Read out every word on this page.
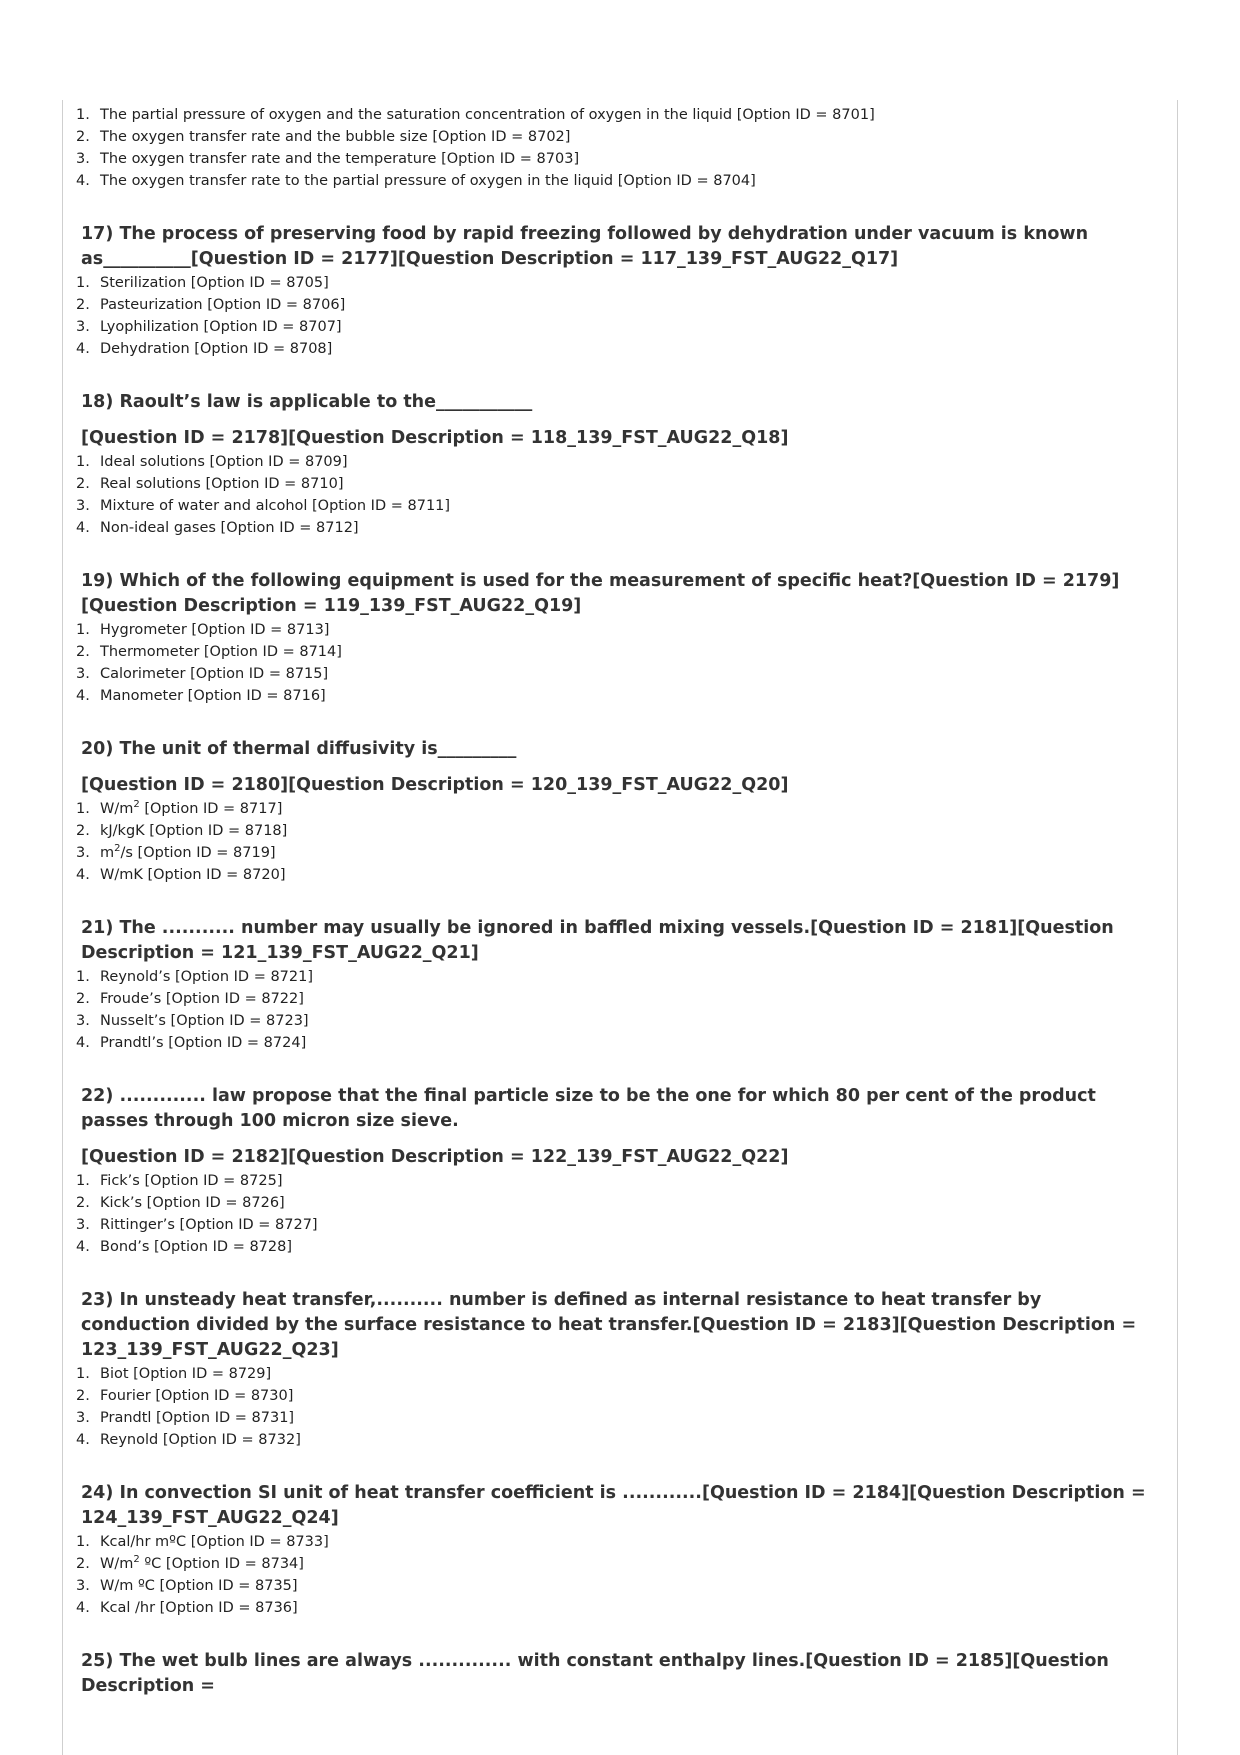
1. The partial pressure of oxygen and the saturation concentration of oxygen in the liquid [Option ID = 8701]
2. The oxygen transfer rate and the bubble size [Option ID = 8702]
3. The oxygen transfer rate and the temperature [Option ID = 8703]
4. The oxygen transfer rate to the partial pressure of oxygen in the liquid [Option ID = 8704]

17) The process of preserving food by rapid freezing followed by dehydration under vacuum is known as__________[Question ID = 2177][Question Description = 117_139_FST_AUG22_Q17]

1. Sterilization [Option ID = 8705]
2. Pasteurization [Option ID = 8706]
3. Lyophilization [Option ID = 8707]
4. Dehydration [Option ID = 8708]

18) Raoult’s law is applicable to the___________

[Question ID = 2178][Question Description = 118_139_FST_AUG22_Q18]

1. Ideal solutions [Option ID = 8709]
2. Real solutions [Option ID = 8710]
3. Mixture of water and alcohol [Option ID = 8711]
4. Non-ideal gases [Option ID = 8712]

19) Which of the following equipment is used for the measurement of specific heat?[Question ID = 2179][Question Description = 119_139_FST_AUG22_Q19]

1. Hygrometer [Option ID = 8713]
2. Thermometer [Option ID = 8714]
3. Calorimeter [Option ID = 8715]
4. Manometer [Option ID = 8716]

20) The unit of thermal diffusivity is_________

[Question ID = 2180][Question Description = 120_139_FST_AUG22_Q20]

1. $W/m^2$ [Option ID = 8717]
2. kJ/kgK [Option ID = 8718]
3. $m^2/s$ [Option ID = 8719]
4. W/mK [Option ID = 8720]

21) The ........... number may usually be ignored in baffled mixing vessels.[Question ID = 2181][Question Description = 121_139_FST_AUG22_Q21]

1. Reynold’s [Option ID = 8721]
2. Froude’s [Option ID = 8722]
3. Nusselt’s [Option ID = 8723]
4. Prandtl’s [Option ID = 8724]

22) ............. law propose that the final particle size to be the one for which 80 per cent of the product passes through 100 micron size sieve.

[Question ID = 2182][Question Description = 122_139_FST_AUG22_Q22]

1. Fick’s [Option ID = 8725]
2. Kick’s [Option ID = 8726]
3. Rittinger’s [Option ID = 8727]
4. Bond’s [Option ID = 8728]

23) In unsteady heat transfer,.......... number is defined as internal resistance to heat transfer by conduction divided by the surface resistance to heat transfer.[Question ID = 2183][Question Description = 123_139_FST_AUG22_Q23]

1. Biot [Option ID = 8729]
2. Fourier [Option ID = 8730]
3. Prandtl [Option ID = 8731]
4. Reynold [Option ID = 8732]

24) In convection SI unit of heat transfer coefficient is ............[Question ID = 2184][Question Description = 124_139_FST_AUG22_Q24]

1. Kcal/hr mºC [Option ID = 8733]
2. $W/m^2$ ºC [Option ID = 8734]
3. W/m ºC [Option ID = 8735]
4. Kcal /hr [Option ID = 8736]

25) The wet bulb lines are always .............. with constant enthalpy lines.[Question ID = 2185][Question Description =
